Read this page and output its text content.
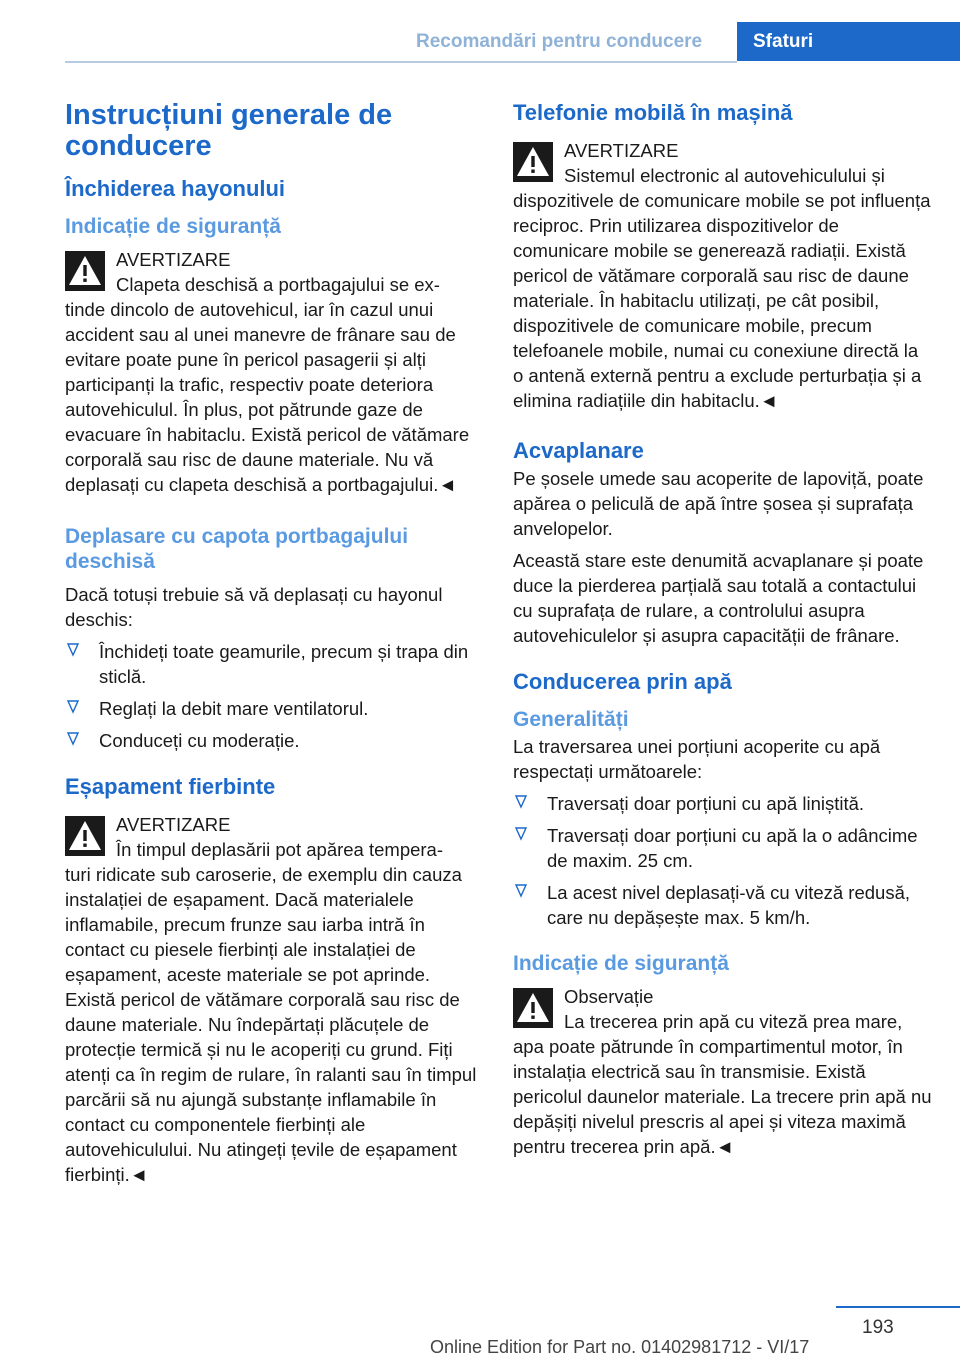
Recomandări pentru conducere	Sfaturi
Instrucțiuni generale de conducere
Închiderea hayonului
Indicație de siguranță
AVERTIZARE
Clapeta deschisă a portbagajului se ex-

tinde dincolo de autovehicul, iar în cazul unui accident sau al unei manevre de frânare sau de evitare poate pune în pericol pasagerii și alți participanți la trafic, respectiv poate deteriora autovehiculul. În plus, pot pătrunde gaze de evacuare în habitaclu. Există pericol de vătămare corporală sau risc de daune materiale. Nu vă deplasați cu clapeta deschisă a portbagajului.◄

Deplasare cu capota portbagajului deschisă

Dacă totuși trebuie să vă deplasați cu hayonul deschis:

Închideți toate geamurile, precum și trapa din sticlă.
Reglați la debit mare ventilatorul.
Conduceți cu moderație.
Eșapament fierbinte
AVERTIZARE
În timpul deplasării pot apărea tempera-

turi ridicate sub caroserie, de exemplu din cauza instalației de eșapament. Dacă materialele inflamabile, precum frunze sau iarba intră în contact cu piesele fierbinți ale instalației de eșapament, aceste materiale se pot aprinde. Există pericol de vătămare corporală sau risc de daune materiale. Nu îndepărtați plăcuțele de protecție termică și nu le acoperiți cu grund. Fiți atenți ca în regim de rulare, în ralanti sau în timpul parcării să nu ajungă substanțe inflamabile în contact cu componentele fierbinți ale autovehiculului. Nu atingeți țevile de eșapament fierbinți.◄

Telefonie mobilă în mașină
AVERTIZARE
Sistemul electronic al autovehiculului și

dispozitivele de comunicare mobile se pot influența reciproc. Prin utilizarea dispozitivelor de comunicare mobile se generează radiații. Există pericol de vătămare corporală sau risc de daune materiale. În habitaclu utilizați, pe cât posibil, dispozitivele de comunicare mobile, precum telefoanele mobile, numai cu conexiune directă la o antenă externă pentru a exclude perturbația și a elimina radiațiile din habitaclu.◄

Acvaplanare

Pe șosele umede sau acoperite de lapoviță, poate apărea o peliculă de apă între șosea și suprafața anvelopelor.

Această stare este denumită acvaplanare și poate duce la pierderea parțială sau totală a contactului cu suprafața de rulare, a controlului asupra autovehiculelor și asupra capacității de frânare.

Conducerea prin apă
Generalități

La traversarea unei porțiuni acoperite cu apă respectați următoarele:

Traversați doar porțiuni cu apă liniștită.
Traversați doar porțiuni cu apă la o adâncime de maxim. 25 cm.
La acest nivel deplasați-vă cu viteză redusă, care nu depășește max. 5 km/h.
Indicație de siguranță
Observație
La trecerea prin apă cu viteză prea mare,

apa poate pătrunde în compartimentul motor, în instalația electrică sau în transmisie. Există pericolul daunelor materiale. La trecere prin apă nu depășiți nivelul prescris al apei și viteza maximă pentru trecerea prin apă.◄

193
Online Edition for Part no. 01402981712 - VI/17
